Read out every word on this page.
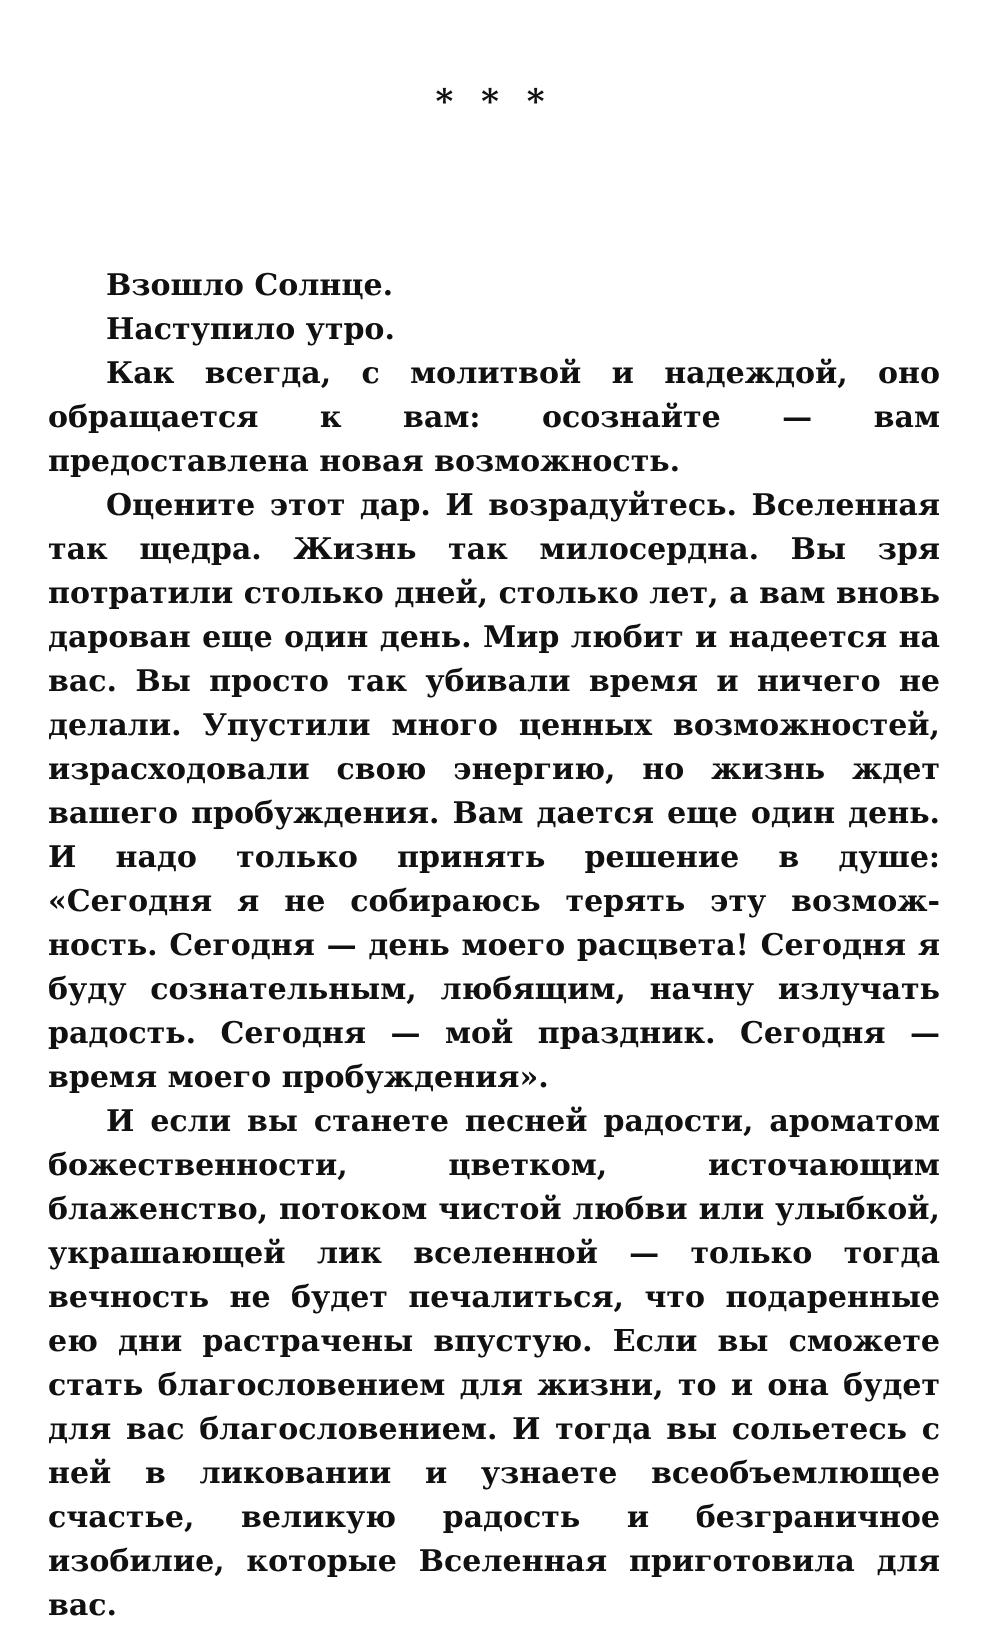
* * *

Взошло Солнце.

Наступило утро.

Как всегда, с молитвой и надеждой, оно обращается к вам: осознайте — вам предоставлена новая возможность.

Оцените этот дар. И возрадуйтесь. Вселенная так щедра. Жизнь так милосердна. Вы зря потратили столько дней, столько лет, а вам вновь дарован еще один день. Мир любит и надеется на вас. Вы просто так убивали время и ничего не делали. Упустили много ценных возможностей, израсходовали свою энергию, но жизнь ждет вашего пробуждения. Вам дается еще один день. И надо только принять решение в душе: «Сегодня я не собираюсь терять эту возможность. Сегодня — день моего расцвета! Сегодня я буду сознательным, любящим, начну излучать радость. Сегодня — мой праздник. Сегодня — время моего пробуждения».

И если вы станете песней радости, ароматом божественности, цветком, источающим блаженство, потоком чистой любви или улыбкой, украшающей лик вселенной — только тогда вечность не будет печалиться, что подаренные ею дни растрачены впустую. Если вы сможете стать благословением для жизни, то и она будет для вас благословением. И тогда вы сольетесь с ней в ликовании и узнаете всеобъемлющее счастье, великую радость и безграничное изобилие, которые Вселенная приготовила для вас.
